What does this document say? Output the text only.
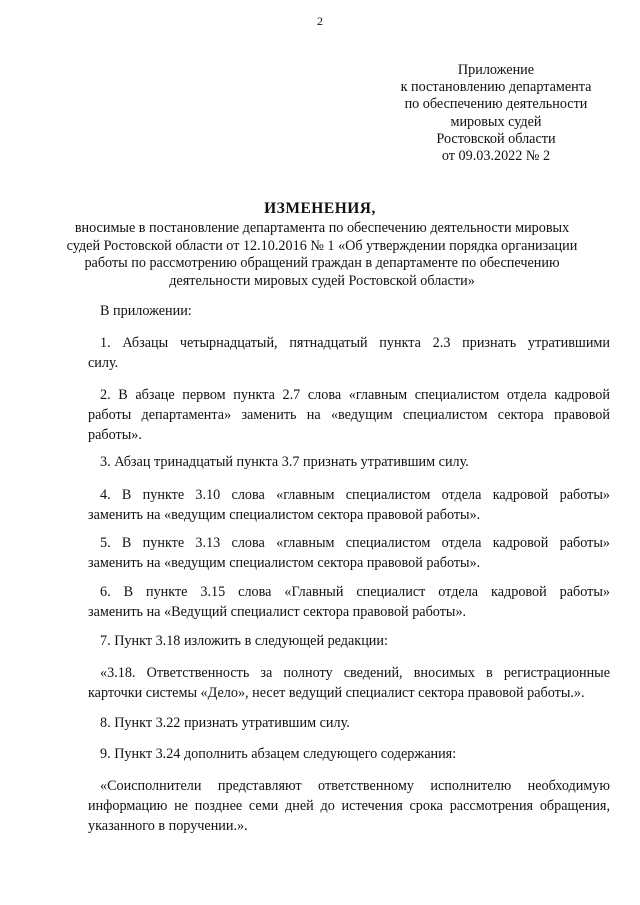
2
Приложение
к постановлению департамента
по обеспечению деятельности
мировых судей
Ростовской области
от 09.03.2022 № 2
ИЗМЕНЕНИЯ,
вносимые в постановление департамента по обеспечению деятельности мировых
судей Ростовской области от 12.10.2016 № 1 «Об утверждении порядка организации
работы по рассмотрению обращений граждан в департаменте по обеспечению
деятельности мировых судей Ростовской области»
В приложении:
1. Абзацы четырнадцатый, пятнадцатый пункта 2.3 признать утратившими
силу.
2. В абзаце первом пункта 2.7 слова «главным специалистом отдела кадровой
работы департамента» заменить на «ведущим специалистом сектора правовой
работы».
3. Абзац тринадцатый пункта 3.7 признать утратившим силу.
4. В пункте 3.10 слова «главным специалистом отдела кадровой работы»
заменить на «ведущим специалистом сектора правовой работы».
5. В пункте 3.13 слова «главным специалистом отдела кадровой работы»
заменить на «ведущим специалистом сектора правовой работы».
6. В пункте 3.15 слова «Главный специалист отдела кадровой работы»
заменить на «Ведущий специалист сектора правовой работы».
7. Пункт 3.18 изложить в следующей редакции:
«3.18. Ответственность за полноту сведений, вносимых в регистрационные
карточки системы «Дело», несет ведущий специалист сектора правовой работы.».
8. Пункт 3.22 признать утратившим силу.
9. Пункт 3.24 дополнить абзацем следующего содержания:
«Соисполнители представляют ответственному исполнителю необходимую
информацию не позднее семи дней до истечения срока рассмотрения обращения,
указанного в поручении.».
